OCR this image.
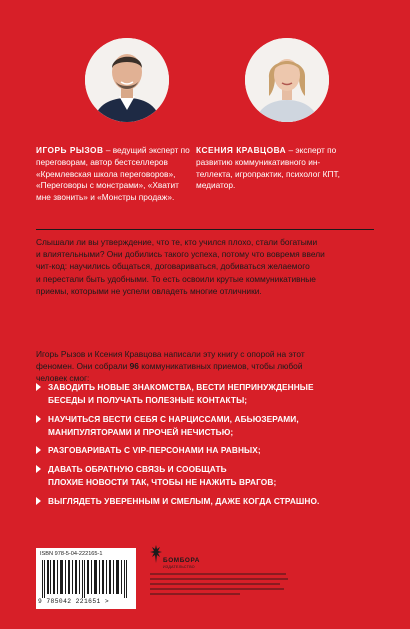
ИГОРЬ РЫЗОВ – ведущий эксперт по переговорам, автор бестселлеров
«Кремлевская школа переговоров»,
«Переговоры с монстрами», «Хватит
мне звонить» и «Монстры продаж».
КСЕНИЯ КРАВЦОВА – эксперт по развитию коммуникативного ин-
теллекта, игропрактик, психолог КПТ,
медиатор.
Слышали ли вы утверждение, что те, кто учился плохо, стали богатыми
и влиятельными? Они добились такого успеха, потому что вовремя ввели
чит-код: научились общаться, договариваться, добиваться желаемого
и перестали быть удобными. То есть освоили крутые коммуникативные
приемы, которыми не успели овладеть многие отличники.
Игорь Рызов и Ксения Кравцова написали эту книгу с опорой на этот
феномен. Они собрали 96 коммуникативных приемов, чтобы любой
человек смог:
ЗАВОДИТЬ НОВЫЕ ЗНАКОМСТВА, ВЕСТИ НЕПРИНУЖДЕННЫЕ
БЕСЕДЫ И ПОЛУЧАТЬ ПОЛЕЗНЫЕ КОНТАКТЫ;
НАУЧИТЬСЯ ВЕСТИ СЕБЯ С НАРЦИССАМИ, АБЬЮЗЕРАМИ,
МАНИПУЛЯТОРАМИ И ПРОЧЕЙ НЕЧИСТЬЮ;
РАЗГОВАРИВАТЬ С VIP-ПЕРСОНАМИ НА РАВНЫХ;
ДАВАТЬ ОБРАТНУЮ СВЯЗЬ И СООБЩАТЬ
ПЛОХИЕ НОВОСТИ ТАК, ЧТОБЫ НЕ НАЖИТЬ ВРАГОВ;
ВЫГЛЯДЕТЬ УВЕРЕННЫМ И СМЕЛЫМ, ДАЖЕ КОГДА СТРАШНО.
ISBN 978-5-04-222165-1
9 785042 221651 >
БОМБОРА
ИЗДАТЕЛЬСТВО
